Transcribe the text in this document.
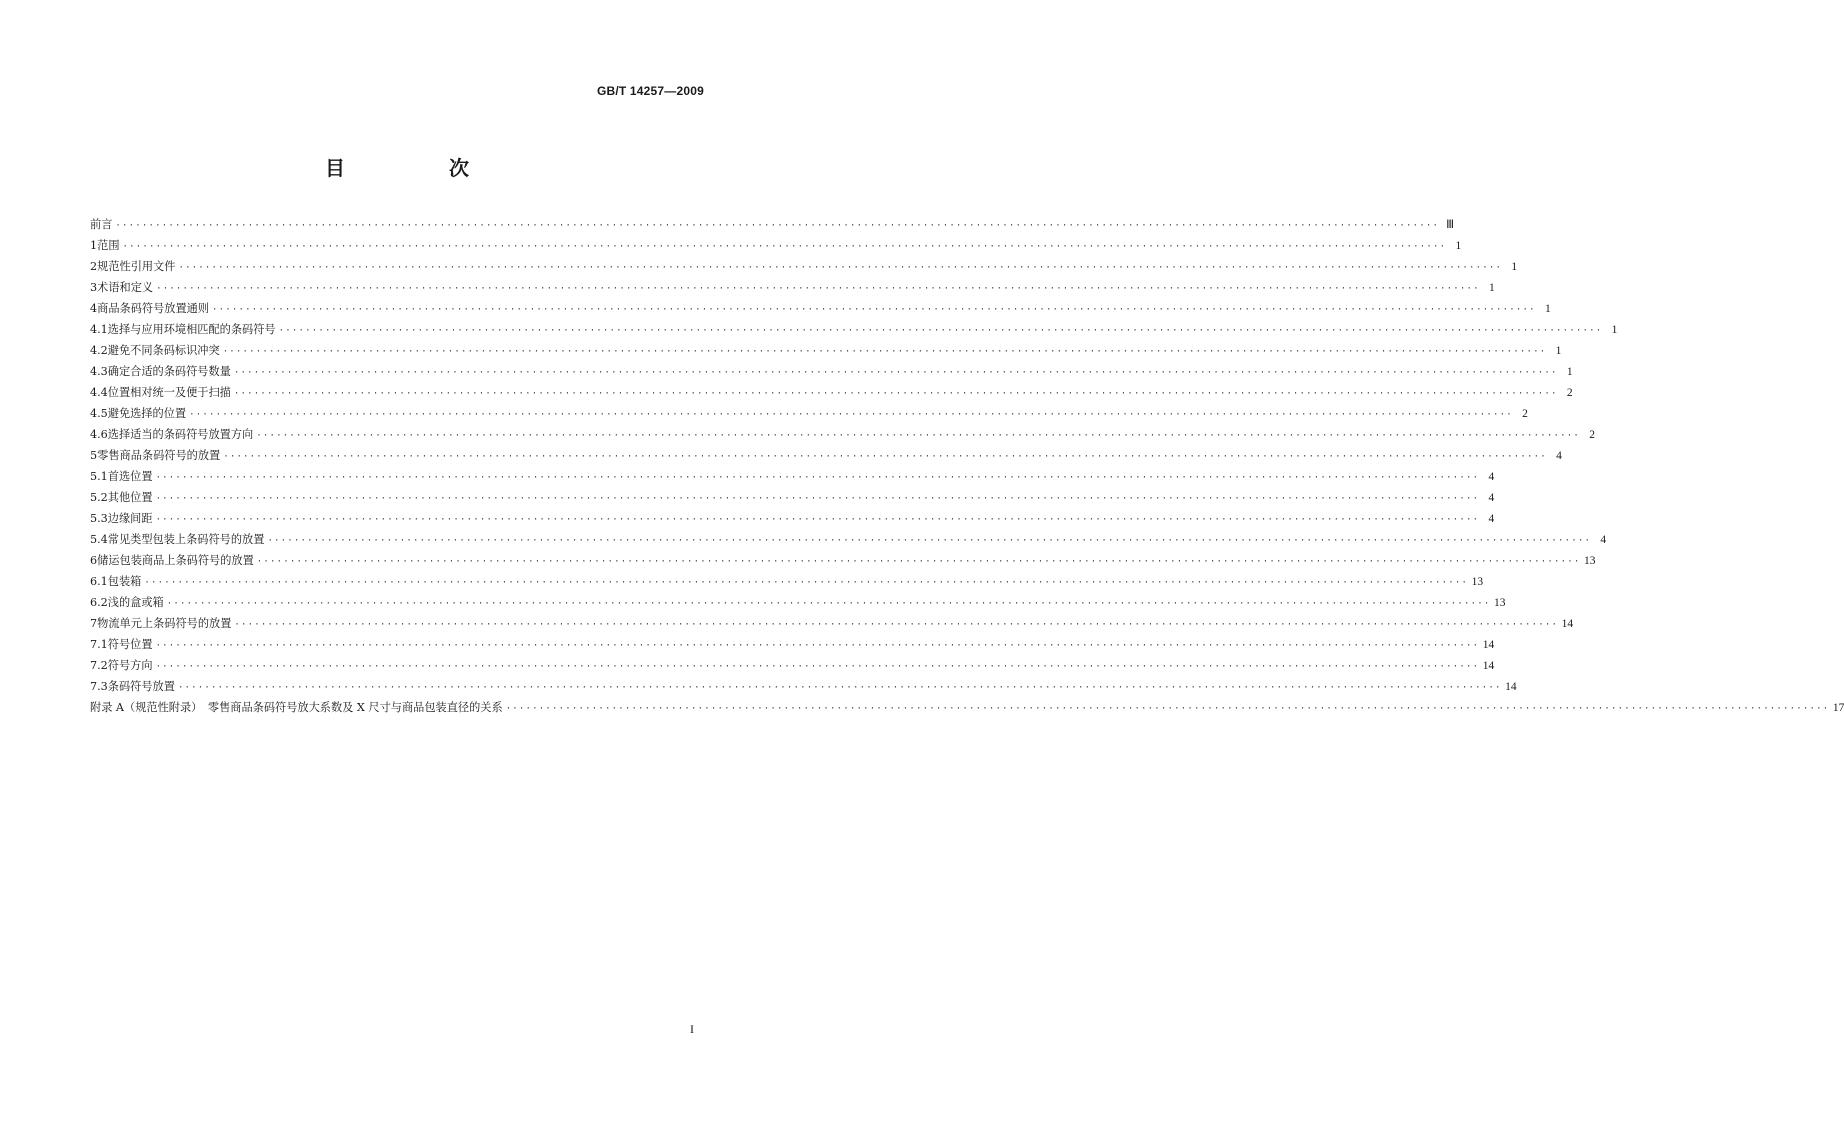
GB/T 14257—2009
目　次
前言 ········································································································································································································ Ⅲ
1 范围 ········································································································································································································ 1
2 规范性引用文件 ········································································································································································································ 1
3 术语和定义 ········································································································································································································ 1
4 商品条码符号放置通则 ········································································································································································································ 1
4.1 选择与应用环境相匹配的条码符号 ········································································································································································································ 1
4.2 避免不同条码标识冲突 ········································································································································································································ 1
4.3 确定合适的条码符号数量 ········································································································································································································ 1
4.4 位置相对统一及便于扫描 ········································································································································································································ 2
4.5 避免选择的位置 ········································································································································································································ 2
4.6 选择适当的条码符号放置方向 ········································································································································································································ 2
5 零售商品条码符号的放置 ········································································································································································································ 4
5.1 首选位置 ········································································································································································································ 4
5.2 其他位置 ········································································································································································································ 4
5.3 边缘间距 ········································································································································································································ 4
5.4 常见类型包装上条码符号的放置 ········································································································································································································ 4
6 储运包装商品上条码符号的放置 ········································································································································································································ 13
6.1 包装箱 ········································································································································································································ 13
6.2 浅的盒或箱 ········································································································································································································ 13
7 物流单元上条码符号的放置 ········································································································································································································ 14
7.1 符号位置 ········································································································································································································ 14
7.2 符号方向 ········································································································································································································ 14
7.3 条码符号放置 ········································································································································································································ 14
附录 A（规范性附录）　零售商品条码符号放大系数及 X 尺寸与商品包装直径的关系 ········································································································································································································ 17
I
